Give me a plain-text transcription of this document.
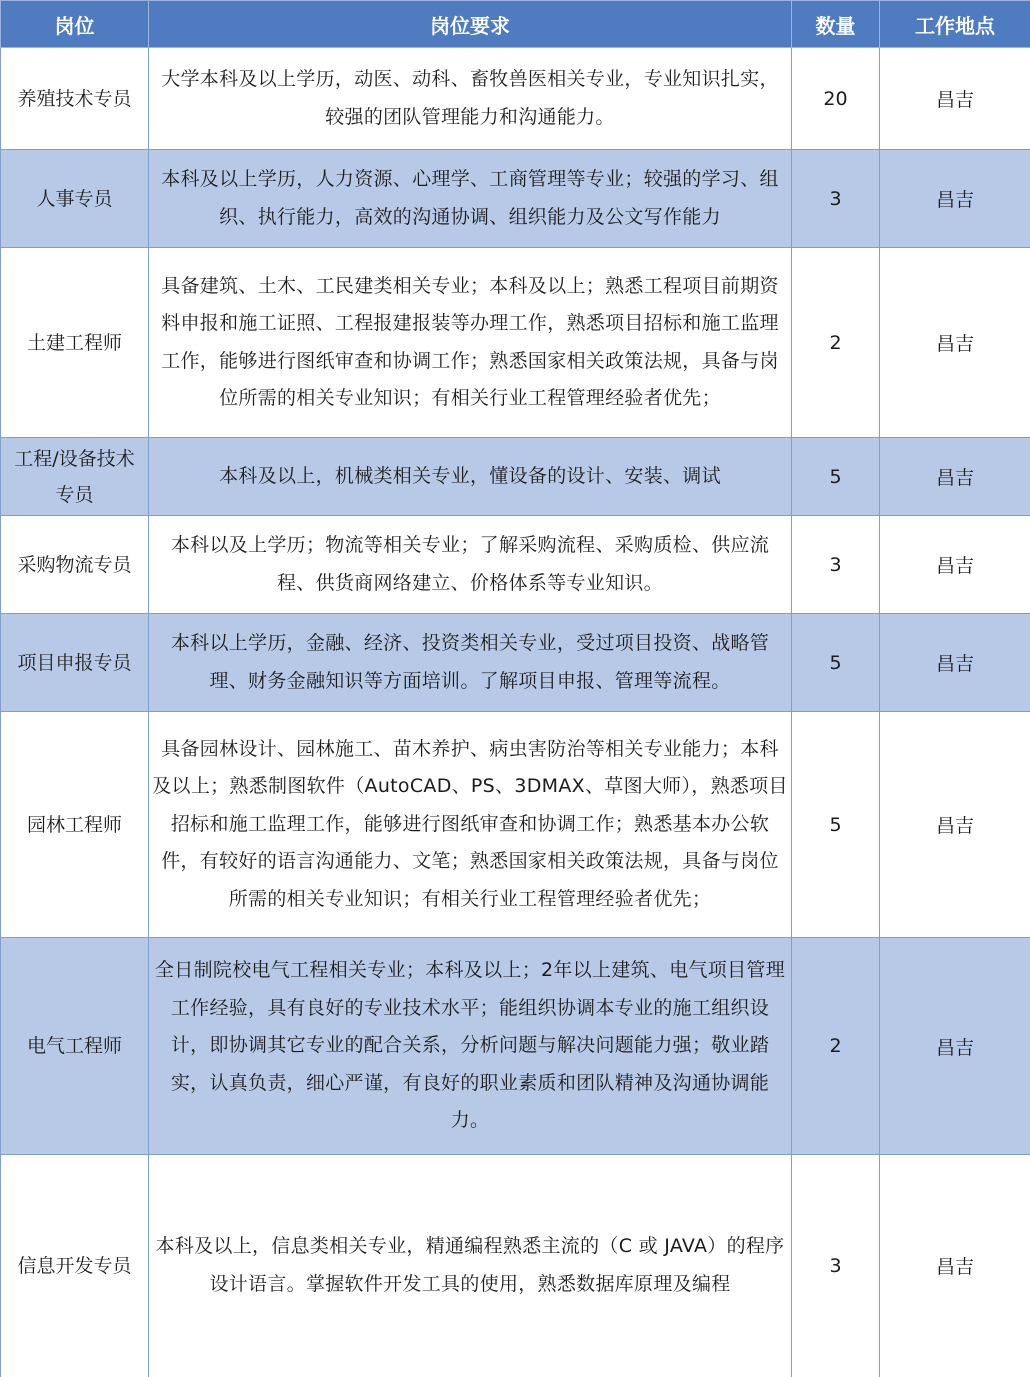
岗位	岗位要求	数量	工作地点
养殖技术专员	大学本科及以上学历，动医、动科、畜牧兽医相关专业，专业知识扎实，较强的团队管理能力和沟通能力。	20	昌吉
人事专员	本科及以上学历，人力资源、心理学、工商管理等专业；较强的学习、组织、执行能力，高效的沟通协调、组织能力及公文写作能力	3	昌吉
土建工程师	具备建筑、土木、工民建类相关专业；本科及以上；熟悉工程项目前期资料申报和施工证照、工程报建报装等办理工作，熟悉项目招标和施工监理工作，能够进行图纸审查和协调工作；熟悉国家相关政策法规，具备与岗位所需的相关专业知识；有相关行业工程管理经验者优先；	2	昌吉
工程/设备技术专员	本科及以上，机械类相关专业，懂设备的设计、安装、调试	5	昌吉
采购物流专员	本科以及上学历；物流等相关专业；了解采购流程、采购质检、供应流程、供货商网络建立、价格体系等专业知识。	3	昌吉
项目申报专员	本科以上学历，金融、经济、投资类相关专业，受过项目投资、战略管理、财务金融知识等方面培训。了解项目申报、管理等流程。	5	昌吉
园林工程师	具备园林设计、园林施工、苗木养护、病虫害防治等相关专业能力；本科及以上；熟悉制图软件（AutoCAD、PS、3DMAX、草图大师），熟悉项目招标和施工监理工作，能够进行图纸审查和协调工作；熟悉基本办公软件，有较好的语言沟通能力、文笔；熟悉国家相关政策法规，具备与岗位所需的相关专业知识；有相关行业工程管理经验者优先；	5	昌吉
电气工程师	全日制院校电气工程相关专业；本科及以上；2年以上建筑、电气项目管理工作经验，具有良好的专业技术水平；能组织协调本专业的施工组织设计，即协调其它专业的配合关系，分析问题与解决问题能力强；敬业踏实，认真负责，细心严谨，有良好的职业素质和团队精神及沟通协调能力。	2	昌吉
信息开发专员	本科及以上，信息类相关专业，精通编程熟悉主流的（C 或 JAVA）的程序设计语言。掌握软件开发工具的使用，熟悉数据库原理及编程	3	昌吉
